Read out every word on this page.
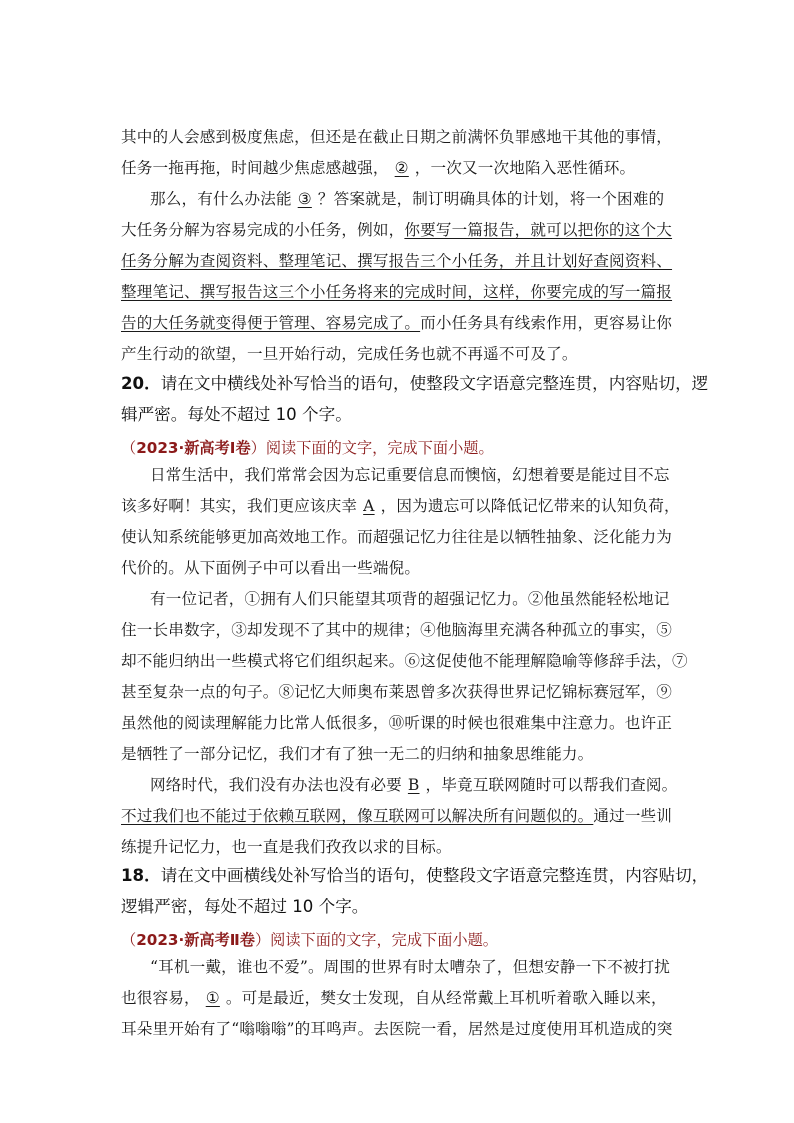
其中的人会感到极度焦虑，但还是在截止日期之前满怀负罪感地干其他的事情，
任务一拖再拖，时间越少焦虑感越强， ② ，一次又一次地陷入恶性循环。
那么，有什么办法能 ③ ？答案就是，制订明确具体的计划，将一个困难的
大任务分解为容易完成的小任务，例如，你要写一篇报告，就可以把你的这个大
任务分解为查阅资料、整理笔记、撰写报告三个小任务，并且计划好查阅资料、
整理笔记、撰写报告这三个小任务将来的完成时间，这样，你要完成的写一篇报
告的大任务就变得便于管理、容易完成了。而小任务具有线索作用，更容易让你
产生行动的欲望，一旦开始行动，完成任务也就不再遥不可及了。
20．请在文中横线处补写恰当的语句，使整段文字语意完整连贯，内容贴切，逻
辑严密。每处不超过 10 个字。
（2023·新高考Ⅰ卷）阅读下面的文字，完成下面小题。
日常生活中，我们常常会因为忘记重要信息而懊恼，幻想着要是能过目不忘
该多好啊！其实，我们更应该庆幸 A ，因为遗忘可以降低记忆带来的认知负荷，
使认知系统能够更加高效地工作。而超强记忆力往往是以牺牲抽象、泛化能力为
代价的。从下面例子中可以看出一些端倪。
有一位记者，①拥有人们只能望其项背的超强记忆力。②他虽然能轻松地记
住一长串数字，③却发现不了其中的规律；④他脑海里充满各种孤立的事实，⑤
却不能归纳出一些模式将它们组织起来。⑥这促使他不能理解隐喻等修辞手法，⑦
甚至复杂一点的句子。⑧记忆大师奥布莱恩曾多次获得世界记忆锦标赛冠军，⑨
虽然他的阅读理解能力比常人低很多，⑩听课的时候也很难集中注意力。也许正
是牺牲了一部分记忆，我们才有了独一无二的归纳和抽象思维能力。
网络时代，我们没有办法也没有必要 B ，毕竟互联网随时可以帮我们查阅。
不过我们也不能过于依赖互联网，像互联网可以解决所有问题似的。通过一些训
练提升记忆力，也一直是我们孜孜以求的目标。
18．请在文中画横线处补写恰当的语句，使整段文字语意完整连贯，内容贴切，
逻辑严密，每处不超过 10 个字。
（2023·新高考Ⅱ卷）阅读下面的文字，完成下面小题。
“耳机一戴，谁也不爱”。周围的世界有时太嘈杂了，但想安静一下不被打扰
也很容易， ① 。可是最近，樊女士发现，自从经常戴上耳机听着歌入睡以来，
耳朵里开始有了“嗡嗡嗡”的耳鸣声。去医院一看，居然是过度使用耳机造成的突
